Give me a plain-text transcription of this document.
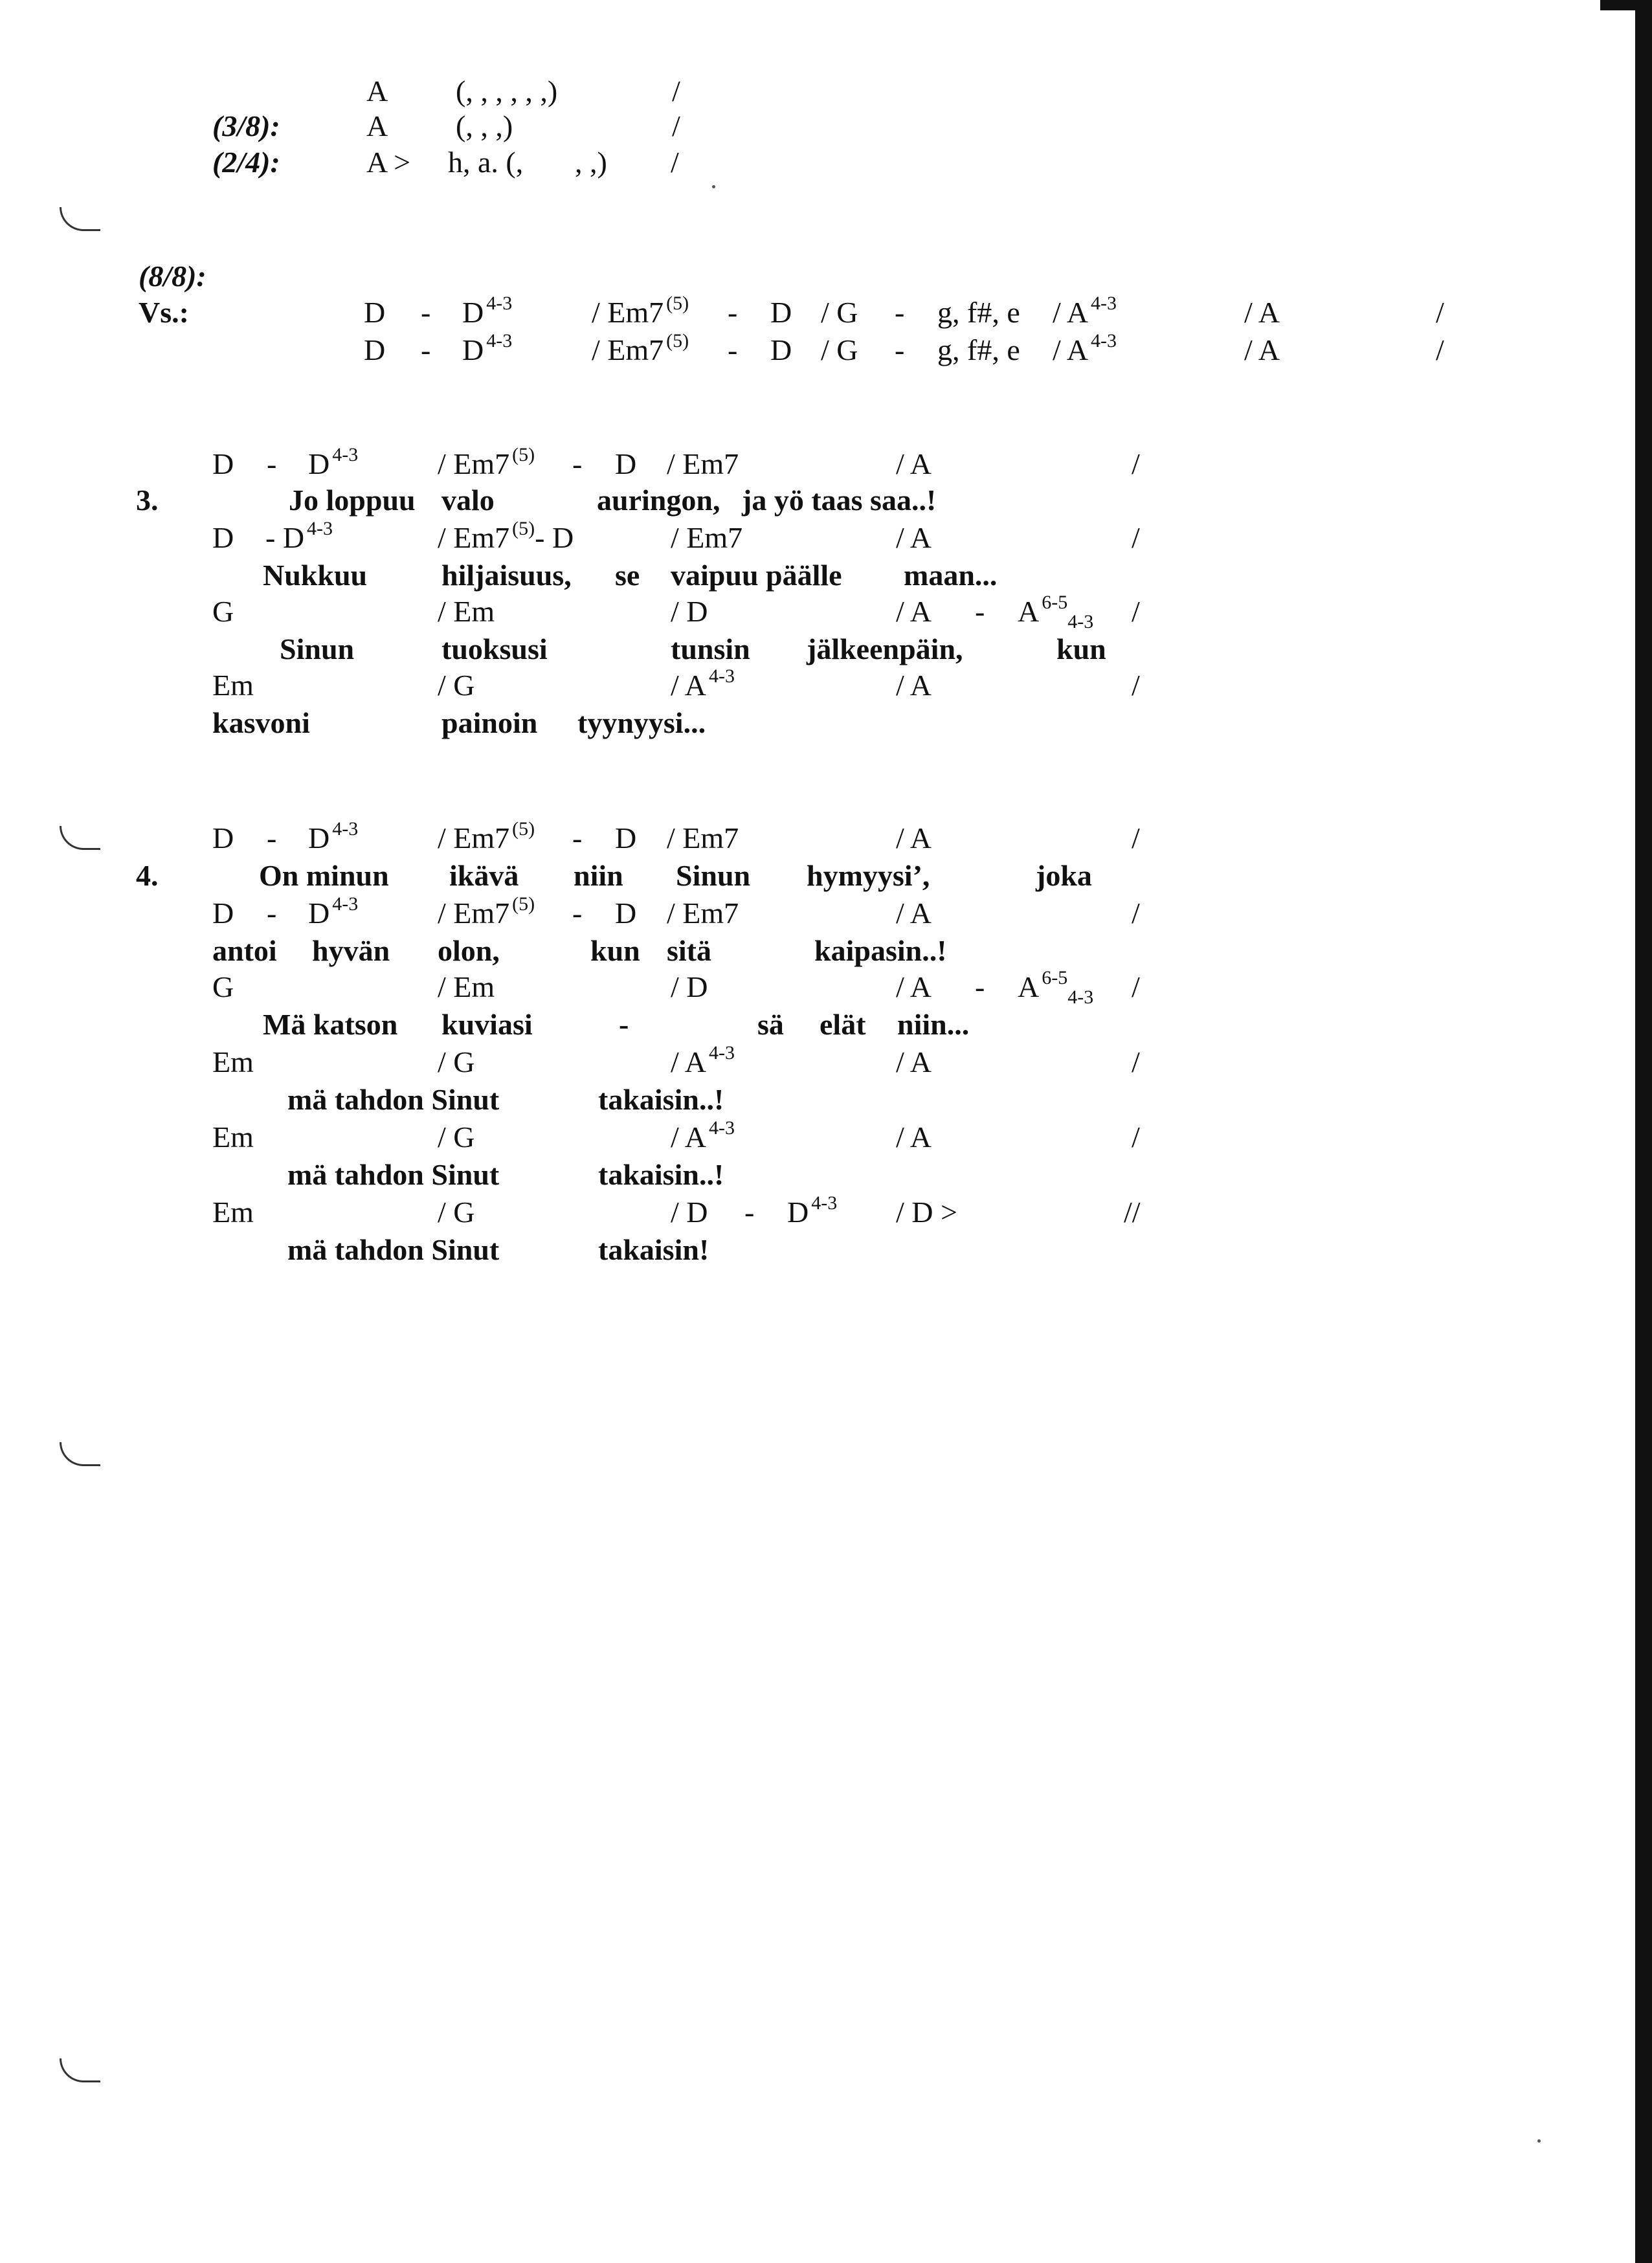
A (, , , , , ,)	/
(3/8):	A (, , ,)	/
(2/4):	A > h, a. (, , ,) /
(8/8):
Vs.:	D - D $^{4-3}$	/ Em7 $^{(5)}$ - D / G - g, f#, e / A $^{4-3}$	/ A	/
D - D $^{4-3}$	/ Em7 $^{(5)}$ - D / G - g, f#, e / A $^{4-3}$	/ A	/
D - D $^{4-3}$	/ Em7 $^{(5)}$ - D / Em7	/ A	/
3.	Jo loppuu valo	auringon, ja yö taas saa..!
D - D $^{4-3}$	/ Em7 $^{(5)}$- D	/ Em7	/ A	/
Nukkuu hiljaisuus, se vaipuu päälle maan...
G	/ Em	/ D	/ A - A $^{6-5}_{4-3}$ /
Sinun	tuoksusi	tunsin jälkeenpäin,	kun
Em	/ G	/ A $^{4-3}$	/ A	/
kasvoni	painoin tyynyysi...
D - D $^{4-3}$	/ Em7 $^{(5)}$ - D / Em7	/ A	/
4.	On minun ikävä niin Sinun hymyysi’,	joka
D - D $^{4-3}$	/ Em7 $^{(5)}$ - D / Em7	/ A	/
antoi hyvän olon,	kun sitä	kaipasin..!
G	/ Em	/ D	/ A - A $^{6-5}_{4-3}$ /
Mä katson kuviasi	-	sä elät niin...
Em	/ G	/ A $^{4-3}$	/ A	/
mä tahdon Sinut	takaisin..!
Em	/ G	/ A $^{4-3}$	/ A	/
mä tahdon Sinut	takaisin..!
Em	/ G	/ D - D $^{4-3}$ / D >	//
mä tahdon Sinut	takaisin!
